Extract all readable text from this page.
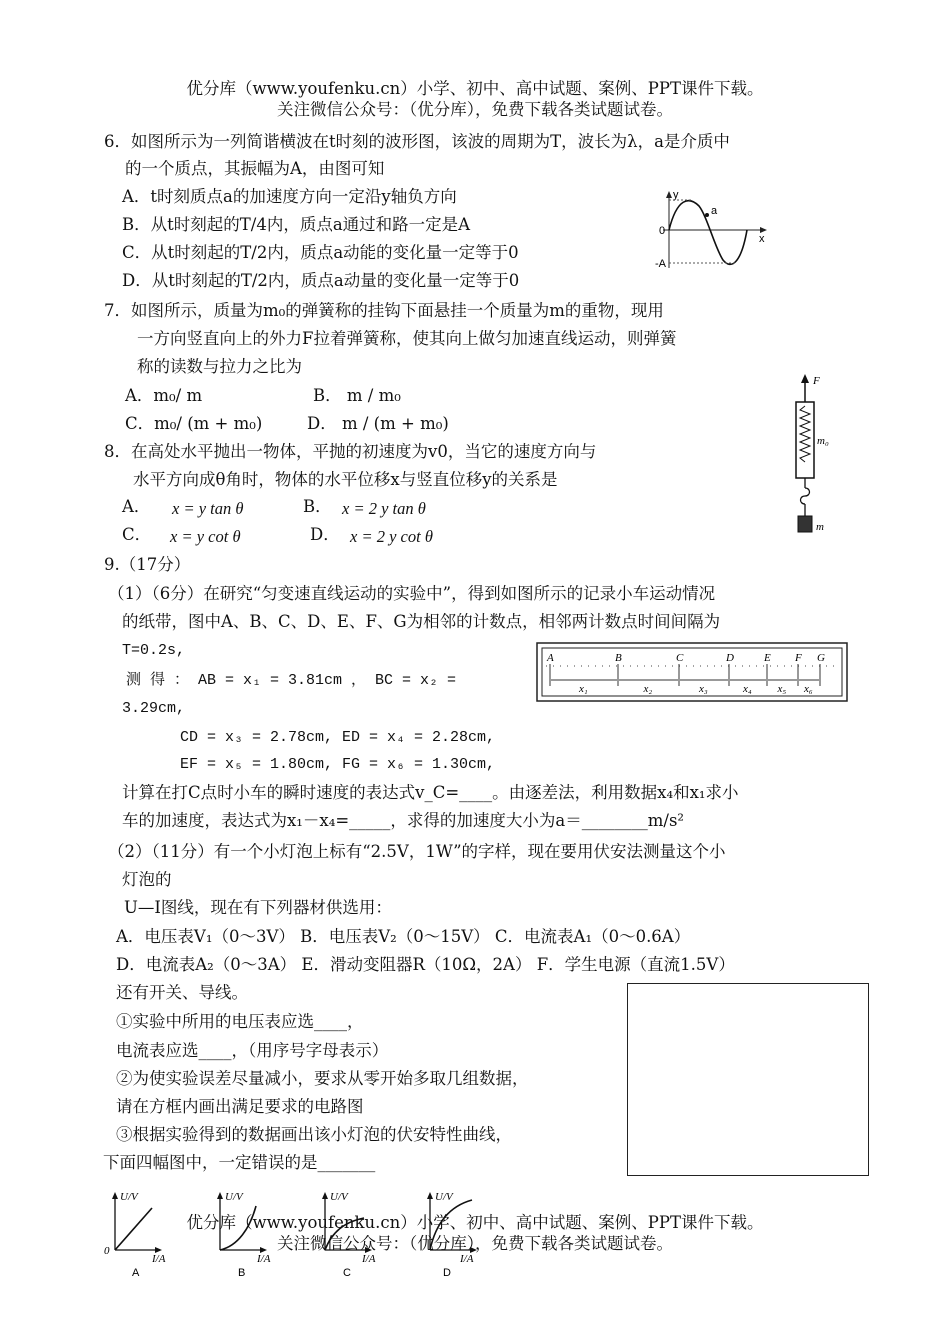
优分库（www.youfenku.cn）小学、初中、高中试题、案例、PPT课件下载。
关注微信公众号：（优分库），免费下载各类试题试卷。
6．如图所示为一列简谐横波在t时刻的波形图，该波的周期为T，波长为λ，a是介质中
的一个质点，其振幅为A，由图可知
A．t时刻质点a的加速度方向一定沿y轴负方向
B．从t时刻起的T/4内，质点a通过和路一定是A
C．从t时刻起的T/2内，质点a动能的变化量一定等于0
D．从t时刻起的T/2内，质点a动量的变化量一定等于0
a
y
x
0
-A
7．如图所示，质量为m₀的弹簧称的挂钩下面悬挂一个质量为m的重物，现用
一方向竖直向上的外力F拉着弹簧称，使其向上做匀加速直线运动，则弹簧
称的读数与拉力之比为
A．m₀/ m	B． m / m₀
C．m₀/ (m + m₀)	D． m / (m + m₀)
F
m₀
m
8．在高处水平抛出一物体，平抛的初速度为v0，当它的速度方向与
水平方向成θ角时，物体的水平位移x与竖直位移y的关系是
A． x = y tan θ	B． x = 2 y tan θ
C． x = y cot θ	D． x = 2 y cot θ
9.（17分）
（1）（6分）在研究“匀变速直线运动的实验中”，得到如图所示的记录小车运动情况
的纸带，图中A、B、C、D、E、F、G为相邻的计数点，相邻两计数点时间间隔为
T=0.2s,
测 得 ： AB = x₁ = 3.81cm ， BC = x₂ =
3.29cm,
CD = x₃ = 2.78cm, ED = x₄ = 2.28cm,
EF = x₅ = 1.80cm, FG = x₆ = 1.30cm,
计算在打C点时小车的瞬时速度的表达式v_C=____。由逐差法，利用数据x₄和x₁求小
车的加速度，表达式为x₁－x₄=_____，求得的加速度大小为a＝________m/s²
A	B	C	D	E F G
x₁	x₂	x₃	x₄ x₅ x₆
（2）（11分）有一个小灯泡上标有“2.5V，1W”的字样，现在要用伏安法测量这个小
灯泡的
U—I图线，现在有下列器材供选用：
A．电压表V₁（0～3V） B．电压表V₂（0～15V） C．电流表A₁（0～0.6A）
D．电流表A₂（0～3A） E．滑动变阻器R（10Ω，2A） F．学生电源（直流1.5V）
还有开关、导线。
①实验中所用的电压表应选____，
电流表应选____，（用序号字母表示）
②为使实验误差尽量减小，要求从零开始多取几组数据，
请在方框内画出满足要求的电路图
③根据实验得到的数据画出该小灯泡的伏安特性曲线，
下面四幅图中，一定错误的是_______
U/V
I/A
0
A
U/V
I/A
B
U/V
I/A
C
U/V
I/A
D
优分库（www.youfenku.cn）小学、初中、高中试题、案例、PPT课件下载。
关注微信公众号：（优分库），免费下载各类试题试卷。
